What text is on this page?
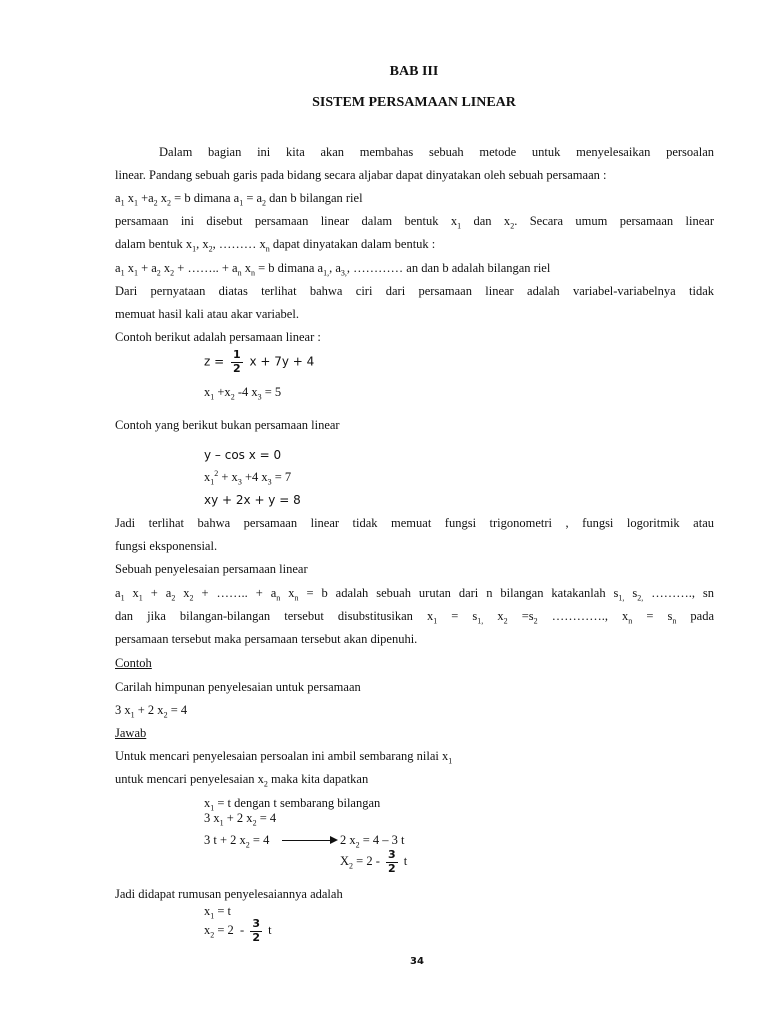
BAB III
SISTEM PERSAMAAN LINEAR
Dalam bagian ini kita akan membahas sebuah metode untuk menyelesaikan persoalan
linear. Pandang sebuah garis pada bidang secara aljabar dapat dinyatakan oleh sebuah persamaan :
$a_1$ $x_1 +a_2$ $x_2 = b$ dimana $a_1 = a_2$ dan b bilangan riel
persamaan ini disebut persamaan linear dalam bentuk $x_1$ dan $x_2$. Secara umum persamaan linear
dalam bentuk $x_1$, $x_2$, ……… $x_n$ dapat dinyatakan dalam bentuk :
$a_1$ $x_1 + a_2$ $x_2$ + …….. + $a_n$ $x_n = b$ dimana $a_{1,}$, $a_{3,}$, ………… an dan b adalah bilangan riel
Dari pernyataan diatas terlihat bahwa ciri dari persamaan linear adalah variabel-variabelnya tidak
memuat hasil kali atau akar variabel.
Contoh berikut adalah persamaan linear :
$z = \frac{1}{2}$ x + 7y + 4
$x_1 +x_2$ -4 $x_3 = 5$
Contoh yang berikut bukan persamaan linear
y – cos x = 0
$x_1^2 + x_3 +4$ $x_3 = 7$
xy + 2x + y = 8
Jadi terlihat bahwa persamaan linear tidak memuat fungsi trigonometri , fungsi logoritmik atau
fungsi eksponensial.
Sebuah penyelesaian persamaan linear
$a_1$ $x_1 + a_2$ $x_2$ + …….. + $a_n$ $x_n = b$ adalah sebuah urutan dari n bilangan katakanlah $s_{1,}$ $s_{2,}$ ………., sn
dan jika bilangan-bilangan tersebut disubstitusikan $x_1 = s_{1,}$ $x_2 =s_2$ …………., $x_n = s_n$ pada
persamaan tersebut maka persamaan tersebut akan dipenuhi.
Contoh
Carilah himpunan penyelesaian untuk persamaan
3 $x_1 + 2$ $x_2 = 4$
Jawab
Untuk mencari penyelesaian persoalan ini ambil sembarang nilai $x_1$
untuk mencari penyelesaian $x_2$ maka kita dapatkan
$x_1 = t$ dengan t sembarang bilangan
3 $x_1 + 2$ $x_2 = 4$
3 t + 2 $x_2 = 4$	2 $x_2 = 4 - 3$ t
$X_2 = 2 - \frac{3}{2}$ t
Jadi didapat rumusan penyelesaiannya adalah
$x_1 = t$
$x_2 = 2 - \frac{3}{2}$ t
34
